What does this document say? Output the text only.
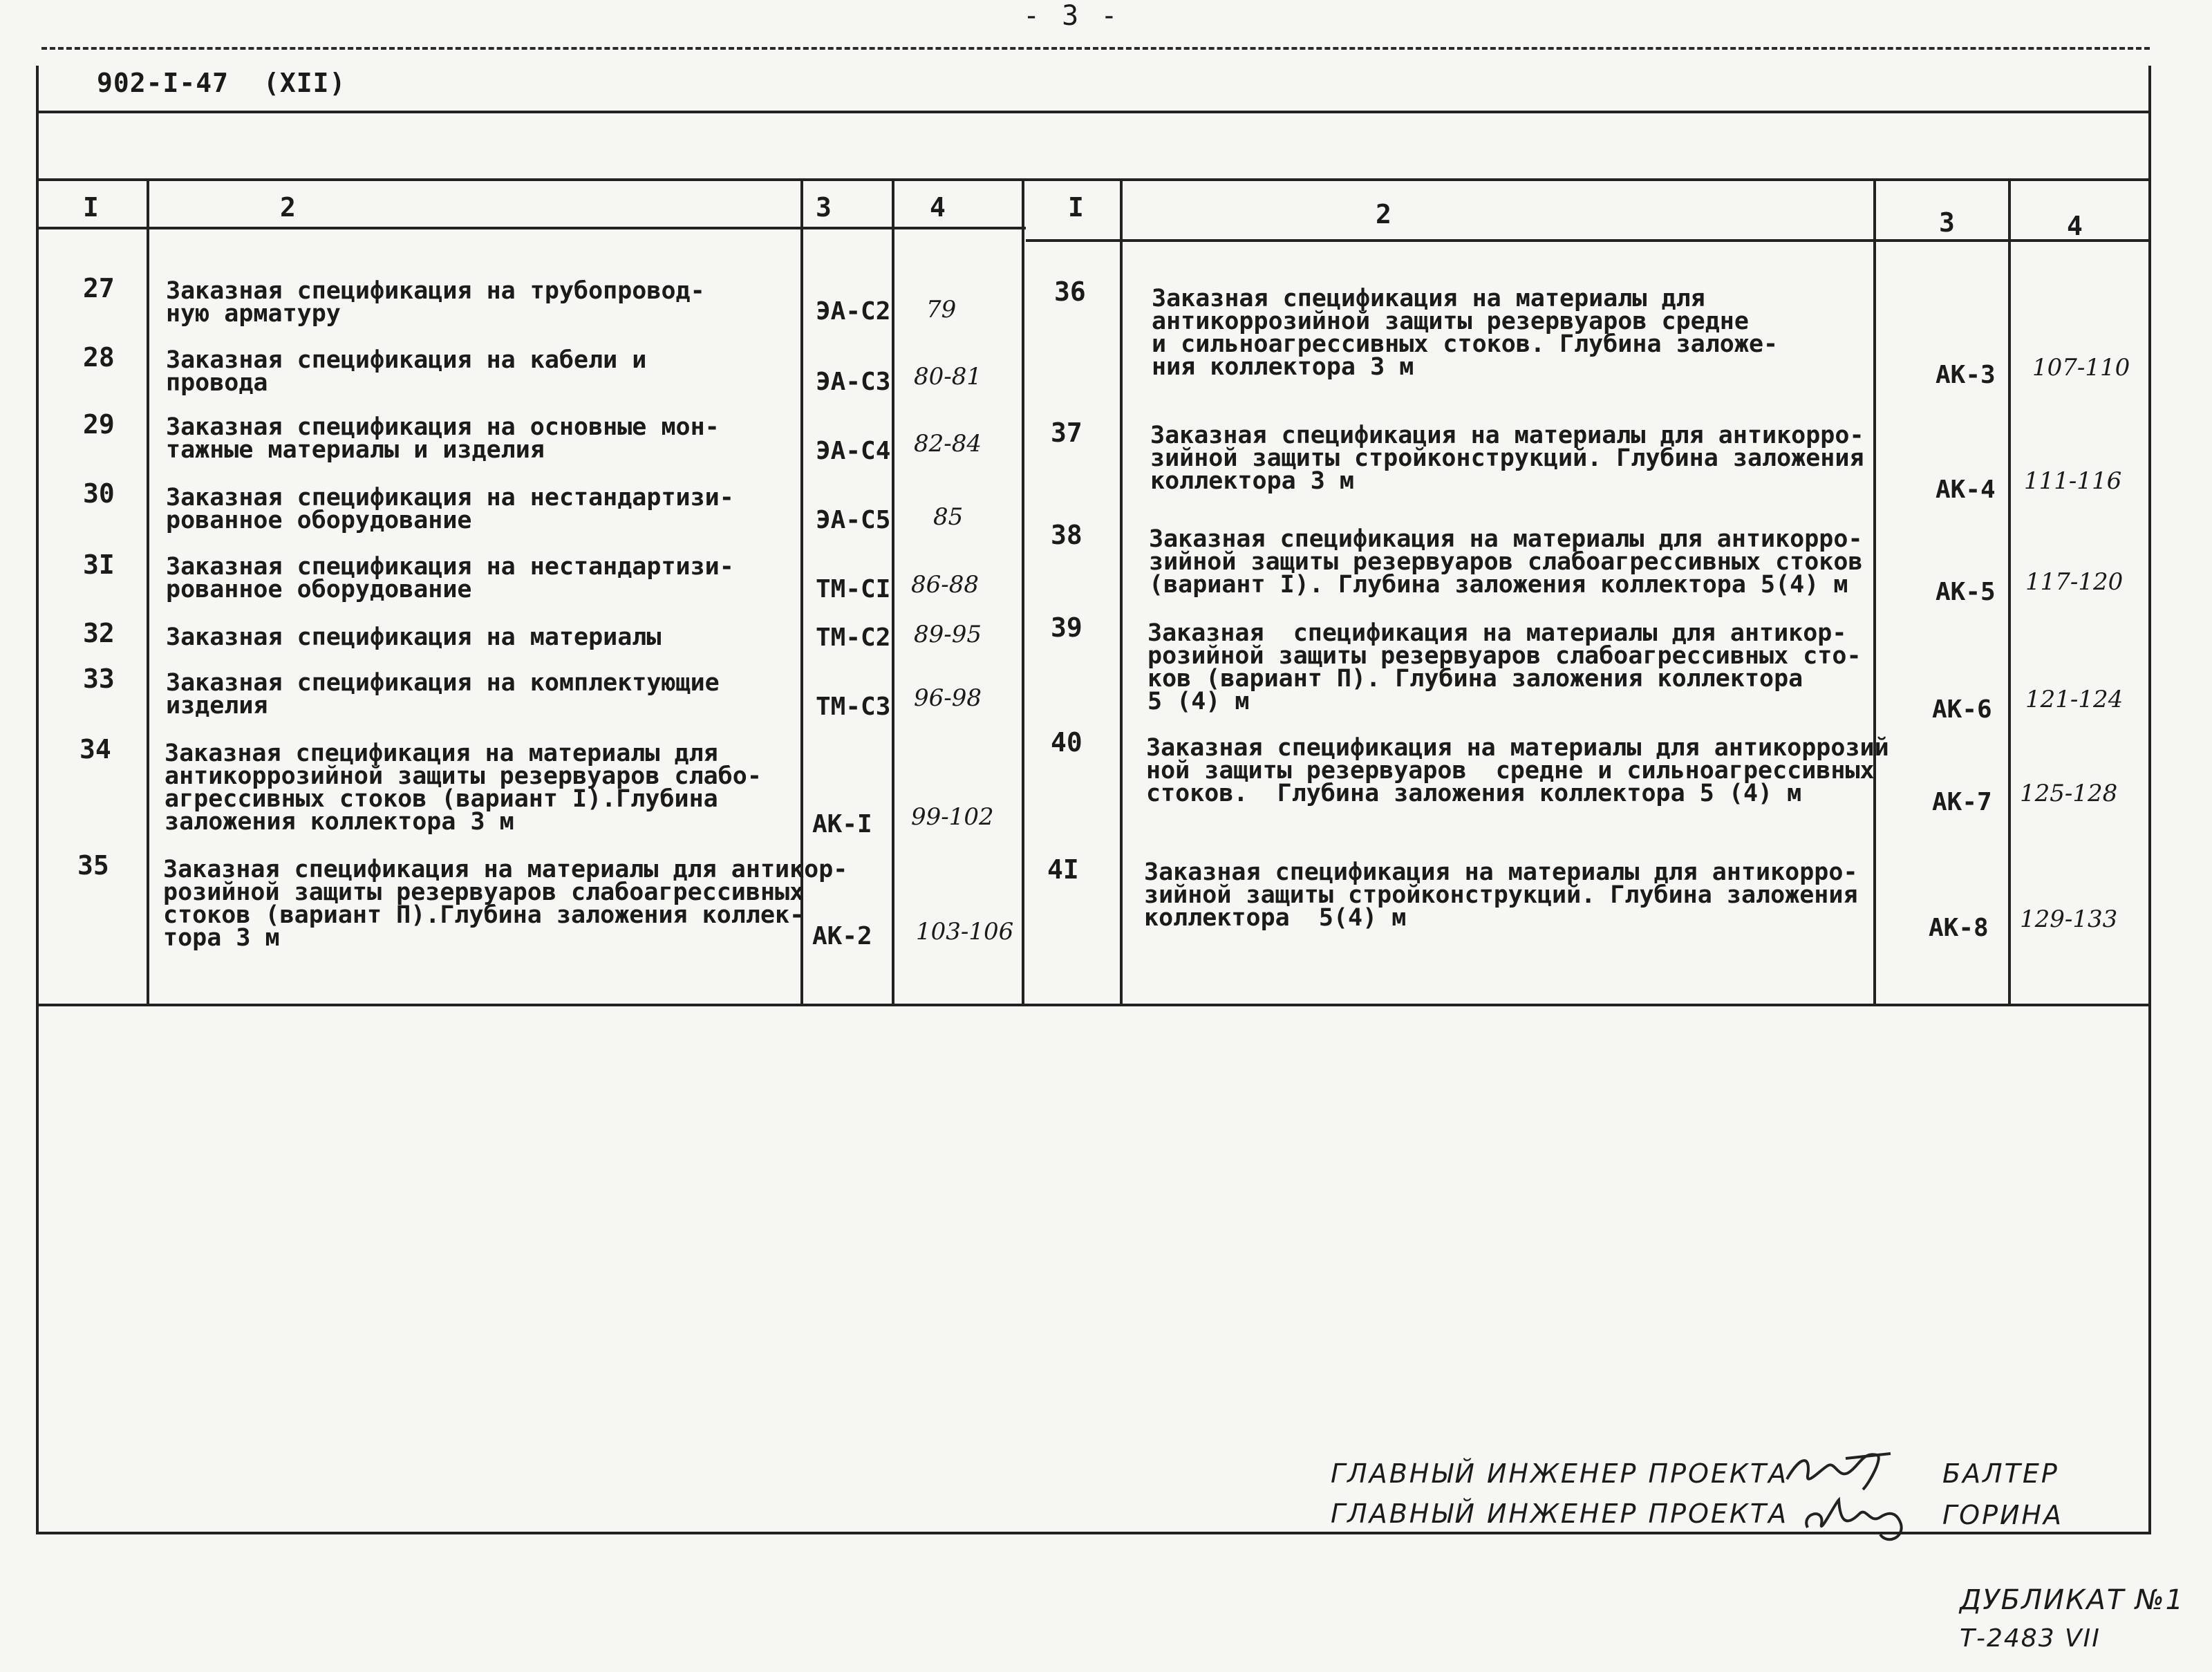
- 3 -
902-I-47 (XII)
I	2	3	4	I	2	3	4
27 Заказная спецификация на трубопровод-
ную арматуру	ЭА-С2 79
28 Заказная спецификация на кабели и
провода	ЭА-С3 80-81
29 Заказная спецификация на основные мон-
тажные материалы и изделия	ЭА-С4 82-84
30 Заказная спецификация на нестандартизи-
рованное оборудование	ЭА-С5 85
3I Заказная спецификация на нестандартизи-
рованное оборудование	ТМ-СI 86-88
32 Заказная спецификация на материалы	ТМ-С2 89-95
33 Заказная спецификация на комплектующие
изделия	ТМ-С3 96-98
34 Заказная спецификация на материалы для
антикоррозийной защиты резервуаров слабо-
агрессивных стоков (вариант I).Глубина
заложения коллектора 3 м	АК-I 99-102
35 Заказная спецификация на материалы для антикор-
розийной защиты резервуаров слабоагрессивных
стоков (вариант П).Глубина заложения коллек-
тора 3 м	АК-2 103-106
36	Заказная спецификация на материалы для
антикоррозийной защиты резервуаров средне
и сильноагрессивных стоков. Глубина заложе-
ния коллектора 3 м	АК-3 107-110
37	Заказная спецификация на материалы для антикорро-
зийной защиты стройконструкций. Глубина заложения
коллектора 3 м	АК-4 111-116
38	Заказная спецификация на материалы для антикорро-
зийной защиты резервуаров слабоагрессивных стоков
(вариант I). Глубина заложения коллектора 5(4) м	АК-5 117-120
39	Заказная  спецификация на материалы для антикор-
розийной защиты резервуаров слабоагрессивных сто-
ков (вариант П). Глубина заложения коллектора
5 (4) м	АК-6 121-124
40	Заказная спецификация на материалы для антикоррозий
ной защиты резервуаров  средне и сильноагрессивных
стоков.  Глубина заложения коллектора 5 (4) м	АК-7 125-128
4I	Заказная спецификация на материалы для антикорро-
зийной защиты стройконструкций. Глубина заложения
коллектора  5(4) м	АК-8 129-133
ГЛАВНЫЙ ИНЖЕНЕР ПРОЕКТА	БАЛТЕР
ГЛАВНЫЙ ИНЖЕНЕР ПРОЕКТА	ГОРИНА
ДУБЛИКАТ №1
Т-2483 VII
